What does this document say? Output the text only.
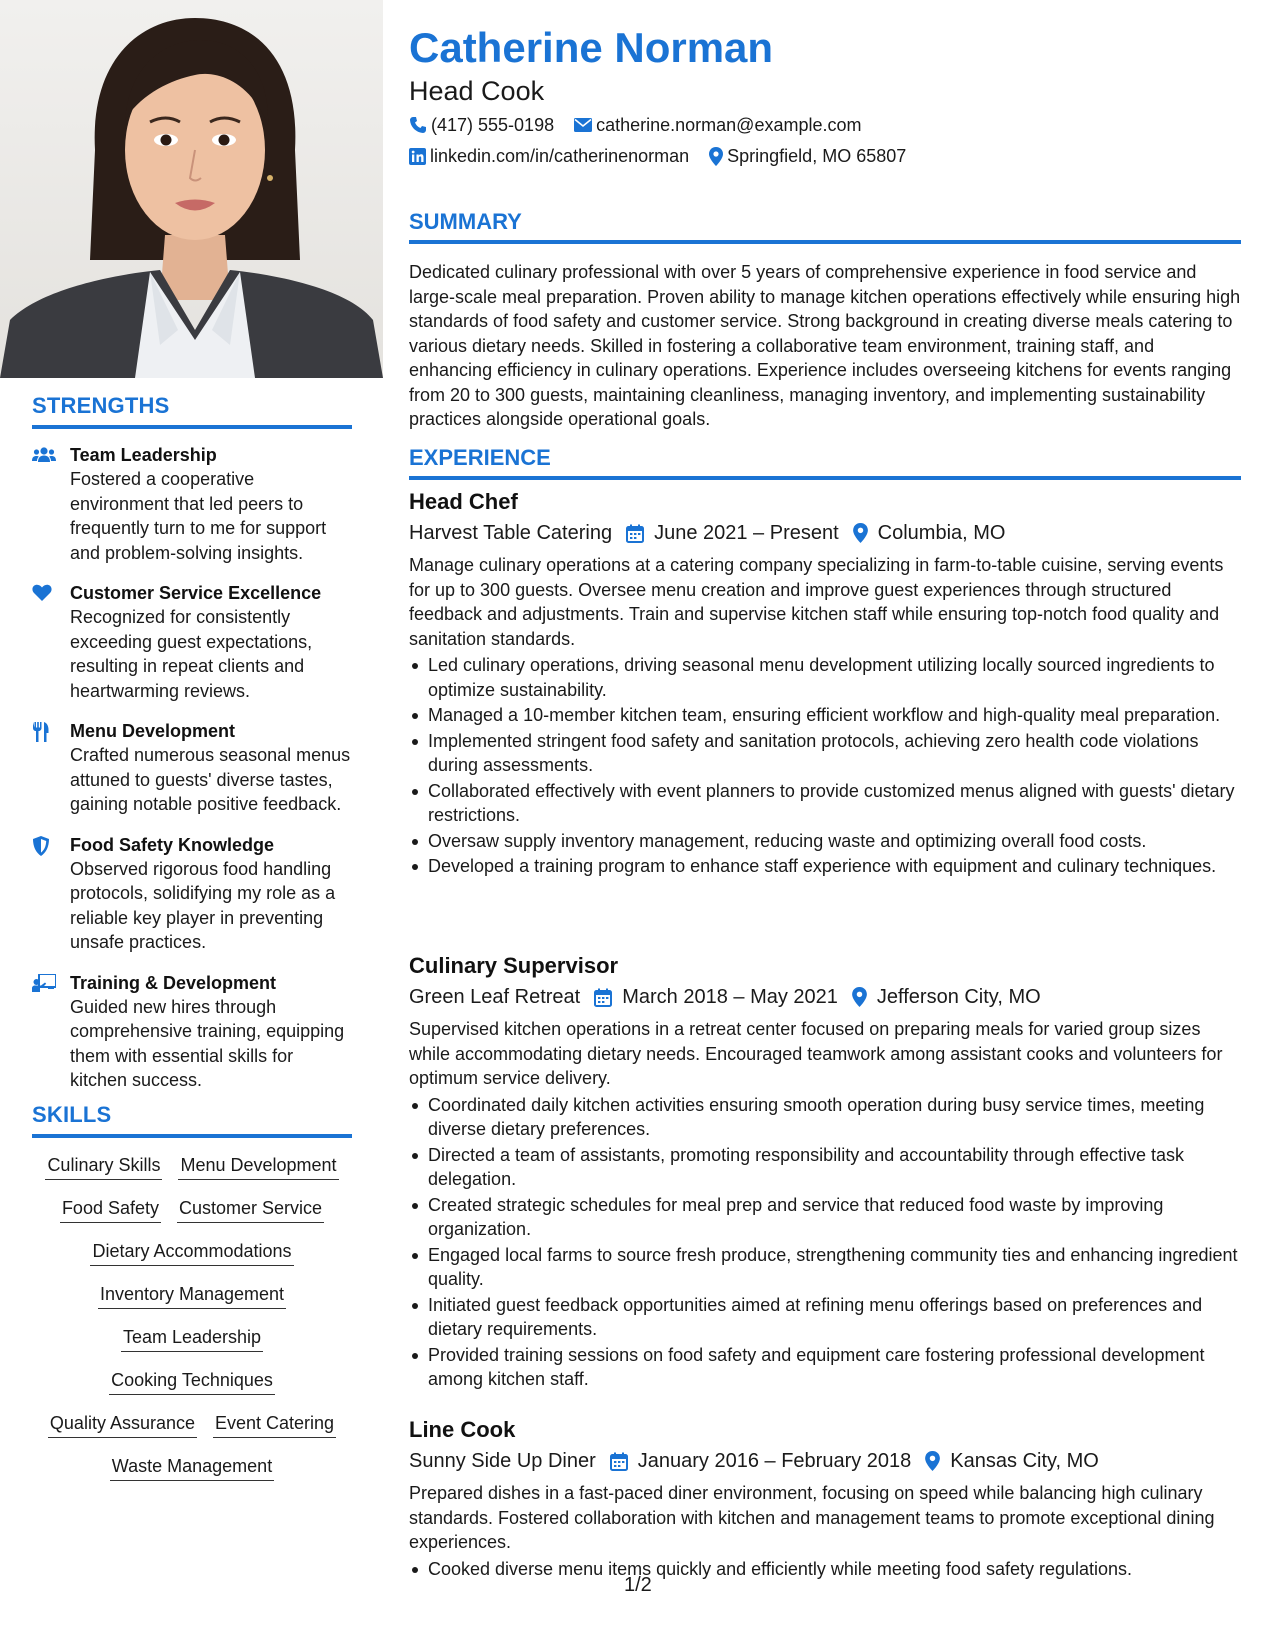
STRENGTHS
Team Leadership
Fostered a cooperative environment that led peers to frequently turn to me for support and problem-solving insights.
Customer Service Excellence
Recognized for consistently exceeding guest expectations, resulting in repeat clients and heartwarming reviews.
Menu Development
Crafted numerous seasonal menus attuned to guests' diverse tastes, gaining notable positive feedback.
Food Safety Knowledge
Observed rigorous food handling protocols, solidifying my role as a reliable key player in preventing unsafe practices.
Training & Development
Guided new hires through comprehensive training, equipping them with essential skills for kitchen success.
SKILLS
Culinary Skills Menu Development
Food Safety Customer Service
Dietary Accommodations
Inventory Management
Team Leadership
Cooking Techniques
Quality Assurance Event Catering
Waste Management
Catherine Norman
Head Cook
(417) 555-0198 catherine.norman@example.com
linkedin.com/in/catherinenorman Springfield, MO 65807
SUMMARY
Dedicated culinary professional with over 5 years of comprehensive experience in food service and large-scale meal preparation. Proven ability to manage kitchen operations effectively while ensuring high standards of food safety and customer service. Strong background in creating diverse meals catering to various dietary needs. Skilled in fostering a collaborative team environment, training staff, and enhancing efficiency in culinary operations. Experience includes overseeing kitchens for events ranging from 20 to 300 guests, maintaining cleanliness, managing inventory, and implementing sustainability practices alongside operational goals.
EXPERIENCE
Head Chef
Harvest Table Catering June 2021 – Present Columbia, MO
Manage culinary operations at a catering company specializing in farm-to-table cuisine, serving events for up to 300 guests. Oversee menu creation and improve guest experiences through structured feedback and adjustments. Train and supervise kitchen staff while ensuring top-notch food quality and sanitation standards.
Led culinary operations, driving seasonal menu development utilizing locally sourced ingredients to optimize sustainability.
Managed a 10-member kitchen team, ensuring efficient workflow and high-quality meal preparation.
Implemented stringent food safety and sanitation protocols, achieving zero health code violations during assessments.
Collaborated effectively with event planners to provide customized menus aligned with guests' dietary restrictions.
Oversaw supply inventory management, reducing waste and optimizing overall food costs.
Developed a training program to enhance staff experience with equipment and culinary techniques.
Culinary Supervisor
Green Leaf Retreat March 2018 – May 2021 Jefferson City, MO
Supervised kitchen operations in a retreat center focused on preparing meals for varied group sizes while accommodating dietary needs. Encouraged teamwork among assistant cooks and volunteers for optimum service delivery.
Coordinated daily kitchen activities ensuring smooth operation during busy service times, meeting diverse dietary preferences.
Directed a team of assistants, promoting responsibility and accountability through effective task delegation.
Created strategic schedules for meal prep and service that reduced food waste by improving organization.
Engaged local farms to source fresh produce, strengthening community ties and enhancing ingredient quality.
Initiated guest feedback opportunities aimed at refining menu offerings based on preferences and dietary requirements.
Provided training sessions on food safety and equipment care fostering professional development among kitchen staff.
Line Cook
Sunny Side Up Diner January 2016 – February 2018 Kansas City, MO
Prepared dishes in a fast-paced diner environment, focusing on speed while balancing high culinary standards. Fostered collaboration with kitchen and management teams to promote exceptional dining experiences.
Cooked diverse menu items quickly and efficiently while meeting food safety regulations.
1/2
